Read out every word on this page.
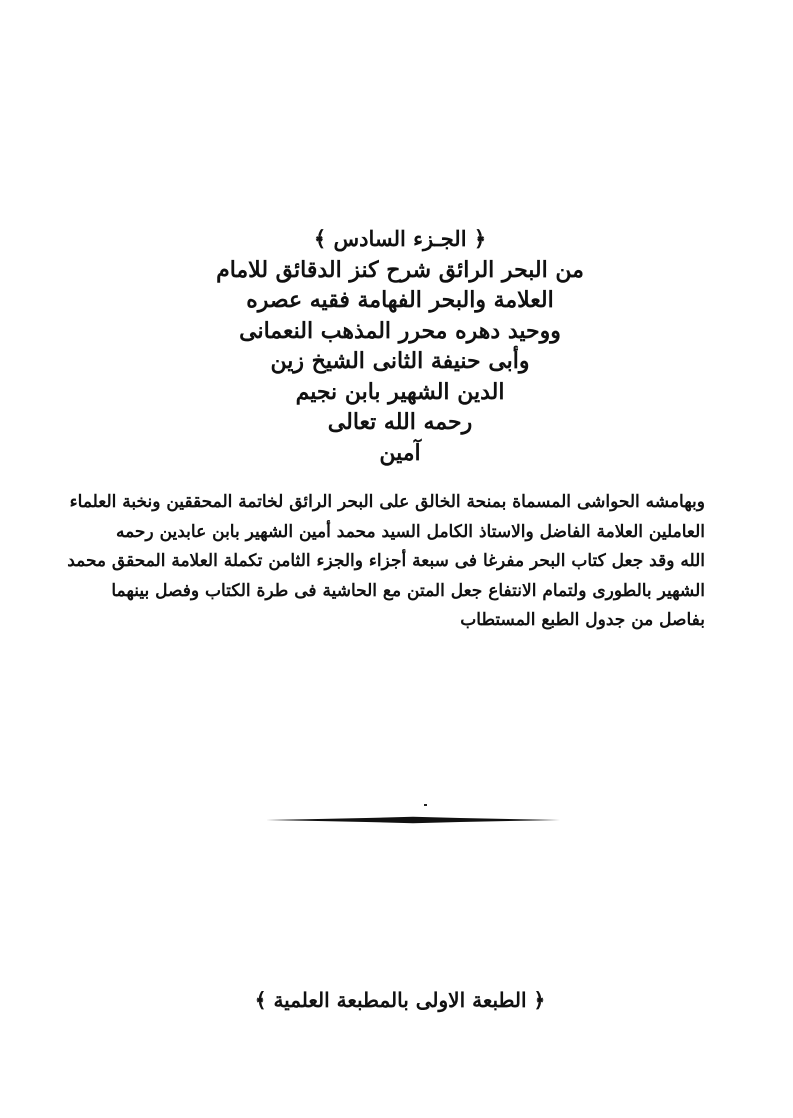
﴿ الجـزء السادس ﴾
من البحر الرائق شرح كنز الدقائق للامام
العلامة والبحر الفهامة فقيه عصره
ووحيد دهره محرر المذهب النعمانى
وأبى حنيفة الثانى الشيخ زين
الدين الشهير بابن نجيم
رحمه الله تعالى
آمين
وبهامشه الحواشى المسماة بمنحة الخالق على البحر الرائق لخاتمة المحققين ونخبة العلماء
العاملين العلامة الفاضل والاستاذ الكامل السيد محمد أمين الشهير بابن عابدين رحمه
الله وقد جعل كتاب البحر مفرغا فى سبعة أجزاء والجزء الثامن تكملة العلامة المحقق محمد
الشهير بالطورى ولتمام الانتفاع جعل المتن مع الحاشية فى طرة الكتاب وفصل بينهما
بفاصل من جدول الطبع المستطاب
﴿ الطبعة الاولى بالمطبعة العلمية ﴾
